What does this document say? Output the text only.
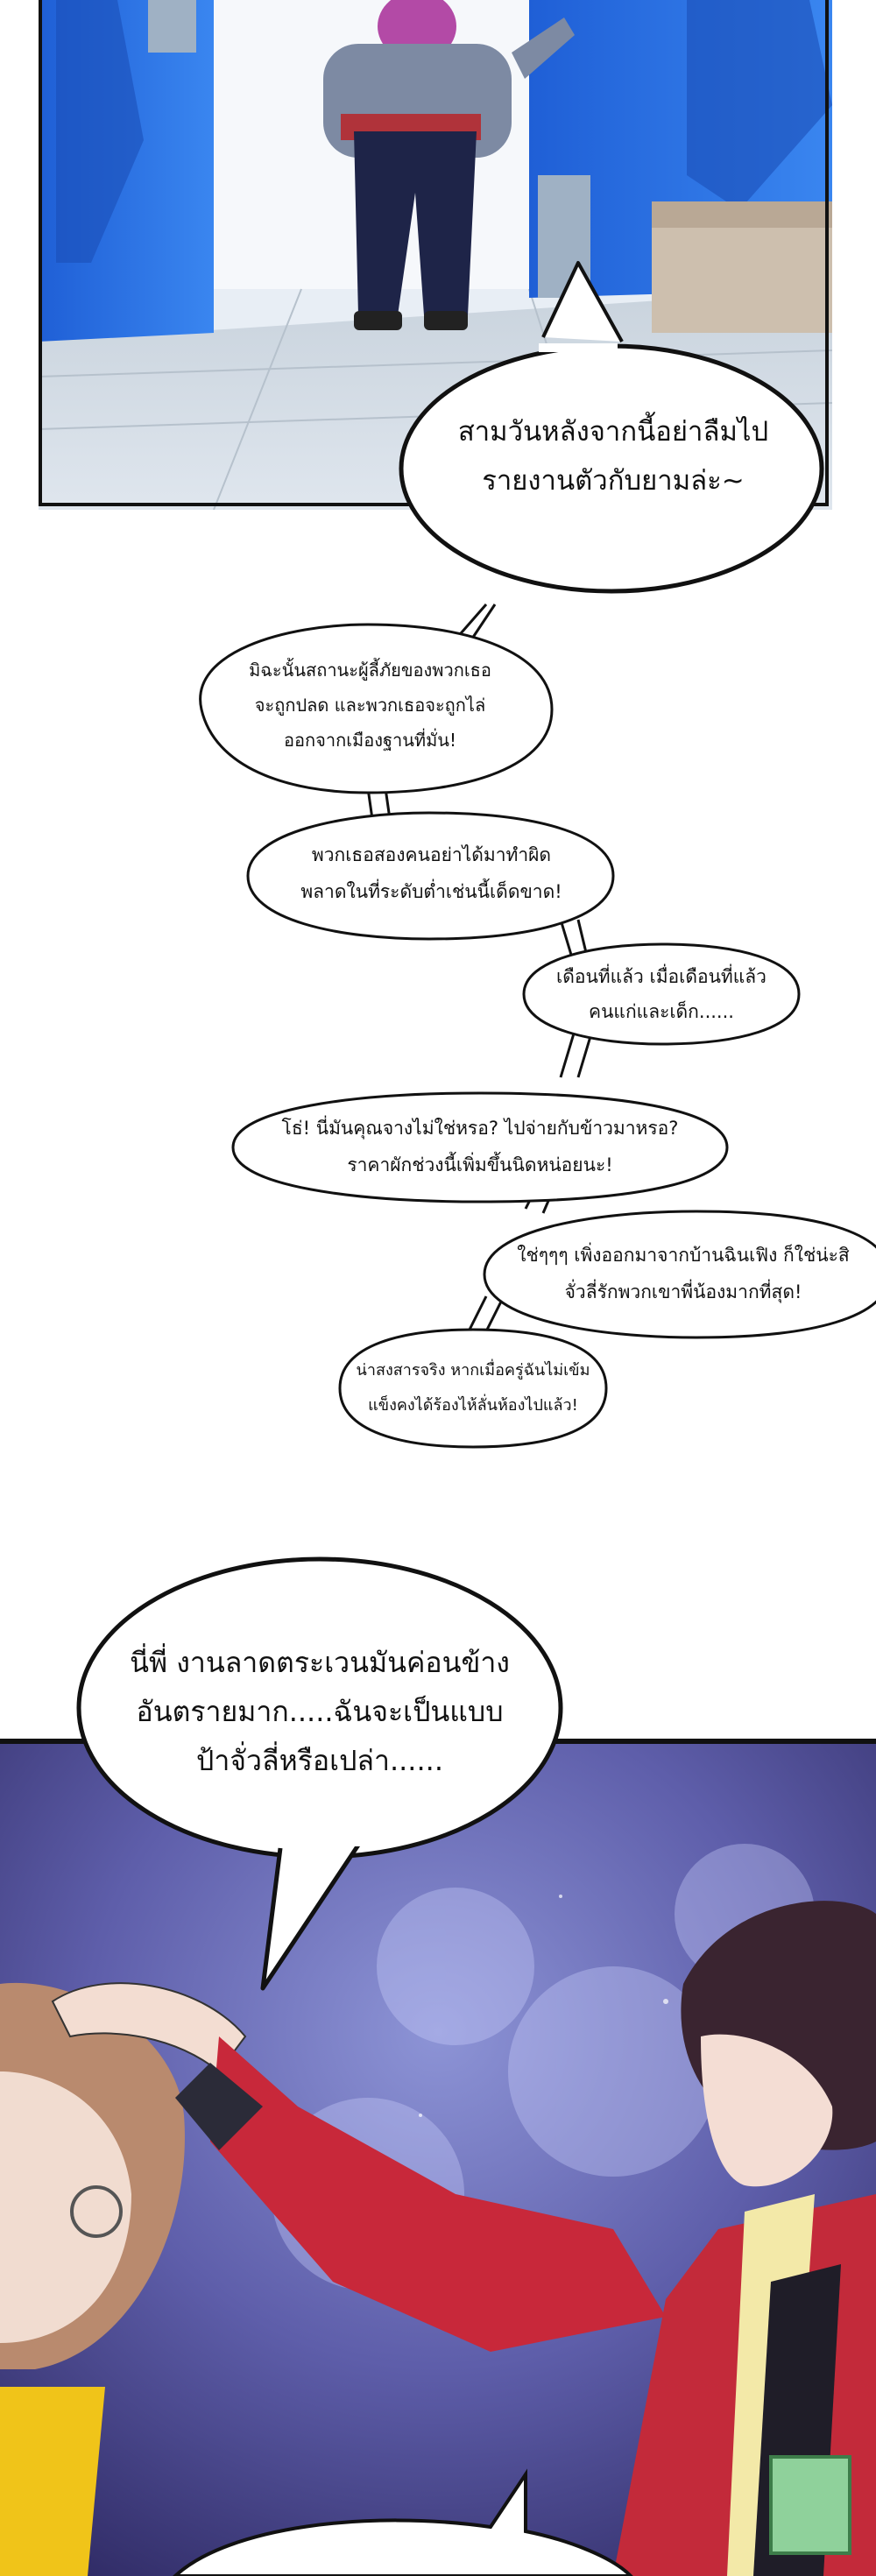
สามวันหลังจากนี้อย่าลืมไป
รายงานตัวกับยามล่ะ~
มิฉะนั้นสถานะผู้ลี้ภัยของพวกเธอ
จะถูกปลด และพวกเธอจะถูกไล่
ออกจากเมืองฐานที่มั่น!
พวกเธอสองคนอย่าได้มาทำผิด
พลาดในที่ระดับต่ำเช่นนี้เด็ดขาด!
เดือนที่แล้ว เมื่อเดือนที่แล้ว
คนแก่และเด็ก......
โธ่! นี่มันคุณจางไม่ใช่หรอ? ไปจ่ายกับข้าวมาหรอ?
ราคาผักช่วงนี้เพิ่มขึ้นนิดหน่อยนะ!
ใช่ๆๆๆ เพิ่งออกมาจากบ้านฉินเฟิง ก็ใช่น่ะสิ
จั่วลี่รักพวกเขาพี่น้องมากที่สุด!
น่าสงสารจริง หากเมื่อครู่ฉันไม่เข้ม
แข็งคงได้ร้องไห้ลั่นห้องไปแล้ว!
นี่พี่ งานลาดตระเวนมันค่อนข้าง
อันตรายมาก.....ฉันจะเป็นแบบ
ป้าจั่วลี่หรือเปล่า......
